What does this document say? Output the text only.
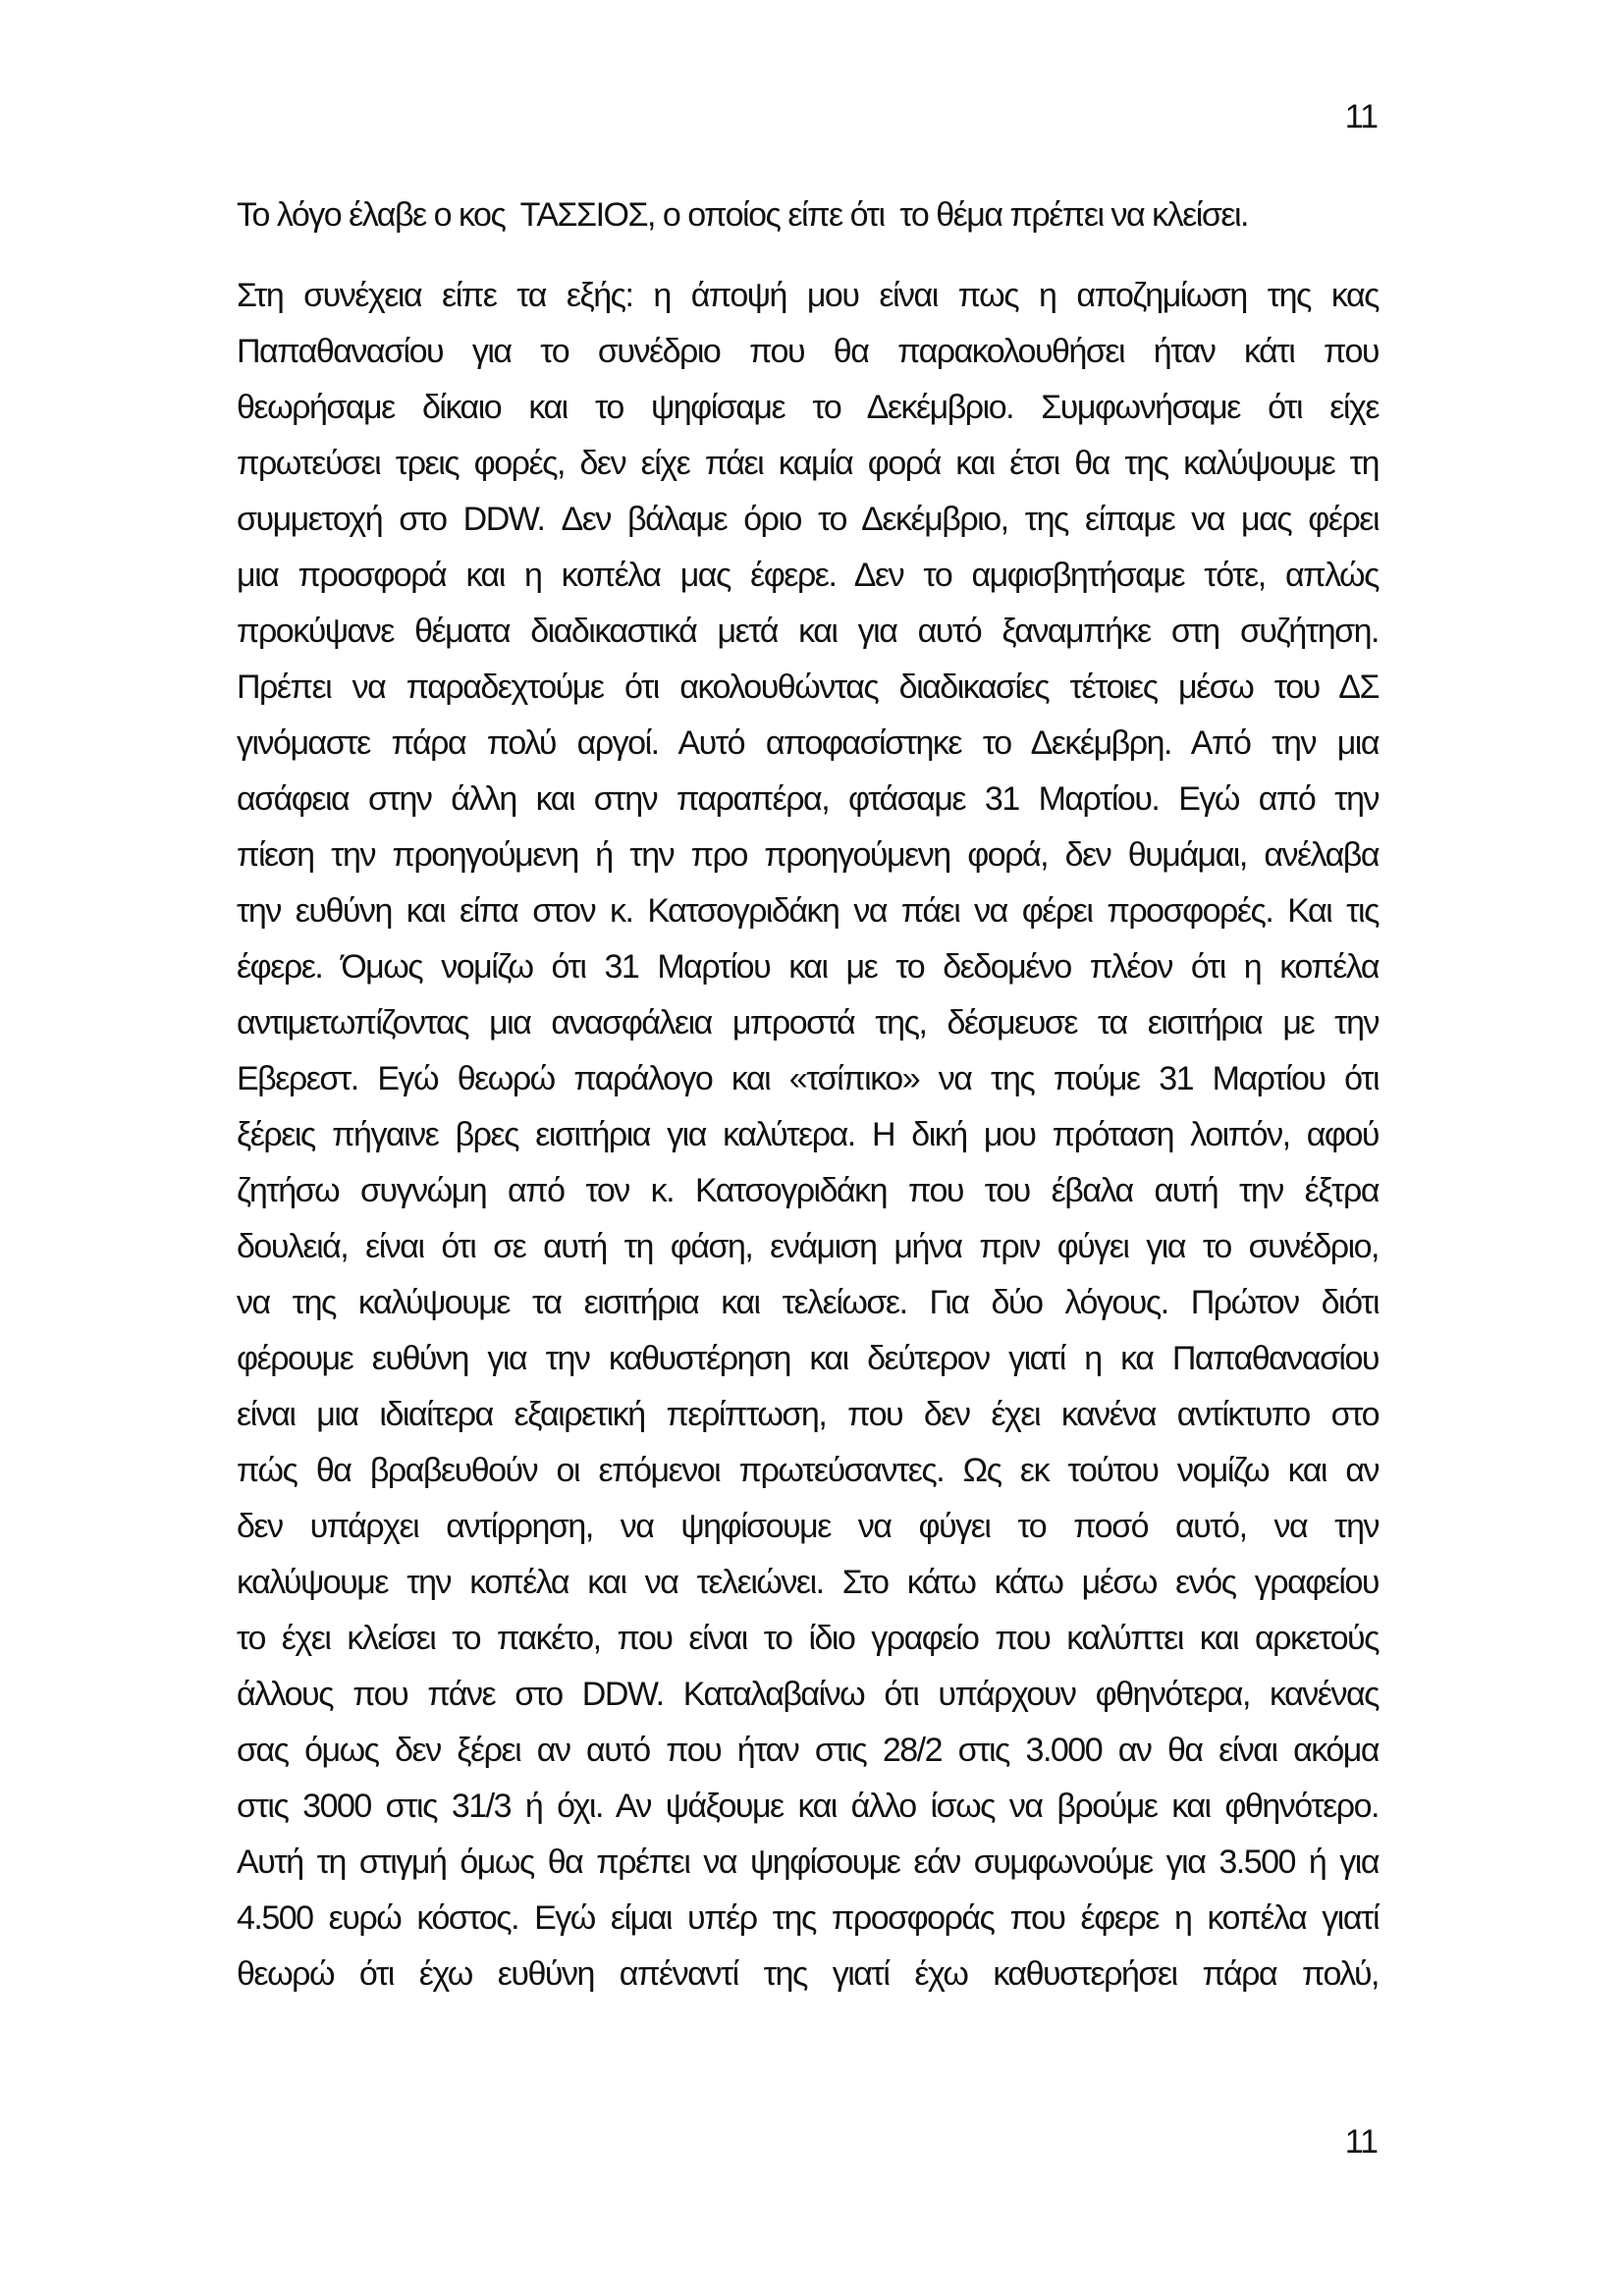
11
Το λόγο έλαβε ο κος  ΤΑΣΣΙΟΣ, ο οποίος είπε ότι  το θέμα πρέπει να κλείσει.
Στη συνέχεια είπε τα εξής: η άποψή μου είναι πως η αποζημίωση της κας
Παπαθανασίου για το συνέδριο που θα παρακολουθήσει ήταν κάτι που
θεωρήσαμε δίκαιο και το ψηφίσαμε το Δεκέμβριο. Συμφωνήσαμε ότι είχε
πρωτεύσει τρεις φορές, δεν είχε πάει καμία φορά και έτσι θα της καλύψουμε τη
συμμετοχή στο DDW. Δεν βάλαμε όριο το Δεκέμβριο, της είπαμε να μας φέρει
μια προσφορά και η κοπέλα μας έφερε. Δεν το αμφισβητήσαμε τότε, απλώς
προκύψανε θέματα διαδικαστικά μετά και για αυτό ξαναμπήκε στη συζήτηση.
Πρέπει να παραδεχτούμε ότι ακολουθώντας διαδικασίες τέτοιες μέσω του ΔΣ
γινόμαστε πάρα πολύ αργοί. Αυτό αποφασίστηκε το Δεκέμβρη. Από την μια
ασάφεια στην άλλη και στην παραπέρα, φτάσαμε 31 Μαρτίου. Εγώ από την
πίεση την προηγούμενη ή την προ προηγούμενη φορά, δεν θυμάμαι, ανέλαβα
την ευθύνη και είπα στον κ. Κατσογριδάκη να πάει να φέρει προσφορές. Και τις
έφερε. Όμως νομίζω ότι 31 Μαρτίου και με το δεδομένο πλέον ότι η κοπέλα
αντιμετωπίζοντας μια ανασφάλεια μπροστά της, δέσμευσε τα εισιτήρια με την
Εβερεστ. Εγώ θεωρώ παράλογο και «τσίπικο» να της πούμε 31 Μαρτίου ότι
ξέρεις πήγαινε βρες εισιτήρια για καλύτερα. Η δική μου πρόταση λοιπόν, αφού
ζητήσω συγνώμη από τον κ. Κατσογριδάκη που του έβαλα αυτή την έξτρα
δουλειά, είναι ότι σε αυτή τη φάση, ενάμιση μήνα πριν φύγει για το συνέδριο,
να της καλύψουμε τα εισιτήρια και τελείωσε. Για δύο λόγους. Πρώτον διότι
φέρουμε ευθύνη για την καθυστέρηση και δεύτερον γιατί η κα Παπαθανασίου
είναι μια ιδιαίτερα εξαιρετική περίπτωση, που δεν έχει κανένα αντίκτυπο στο
πώς θα βραβευθούν οι επόμενοι πρωτεύσαντες. Ως εκ τούτου νομίζω και αν
δεν υπάρχει αντίρρηση, να ψηφίσουμε να φύγει το ποσό αυτό, να την
καλύψουμε την κοπέλα και να τελειώνει. Στο κάτω κάτω μέσω ενός γραφείου
το έχει κλείσει το πακέτο, που είναι το ίδιο γραφείο που καλύπτει και αρκετούς
άλλους που πάνε στο DDW. Καταλαβαίνω ότι υπάρχουν φθηνότερα, κανένας
σας όμως δεν ξέρει αν αυτό που ήταν στις 28/2 στις 3.000 αν θα είναι ακόμα
στις 3000 στις 31/3 ή όχι. Αν ψάξουμε και άλλο ίσως να βρούμε και φθηνότερο.
Αυτή τη στιγμή όμως θα πρέπει να ψηφίσουμε εάν συμφωνούμε για 3.500 ή για
4.500 ευρώ κόστος. Εγώ είμαι υπέρ της προσφοράς που έφερε η κοπέλα γιατί
θεωρώ ότι έχω ευθύνη απέναντί της γιατί έχω καθυστερήσει πάρα πολύ,
11
